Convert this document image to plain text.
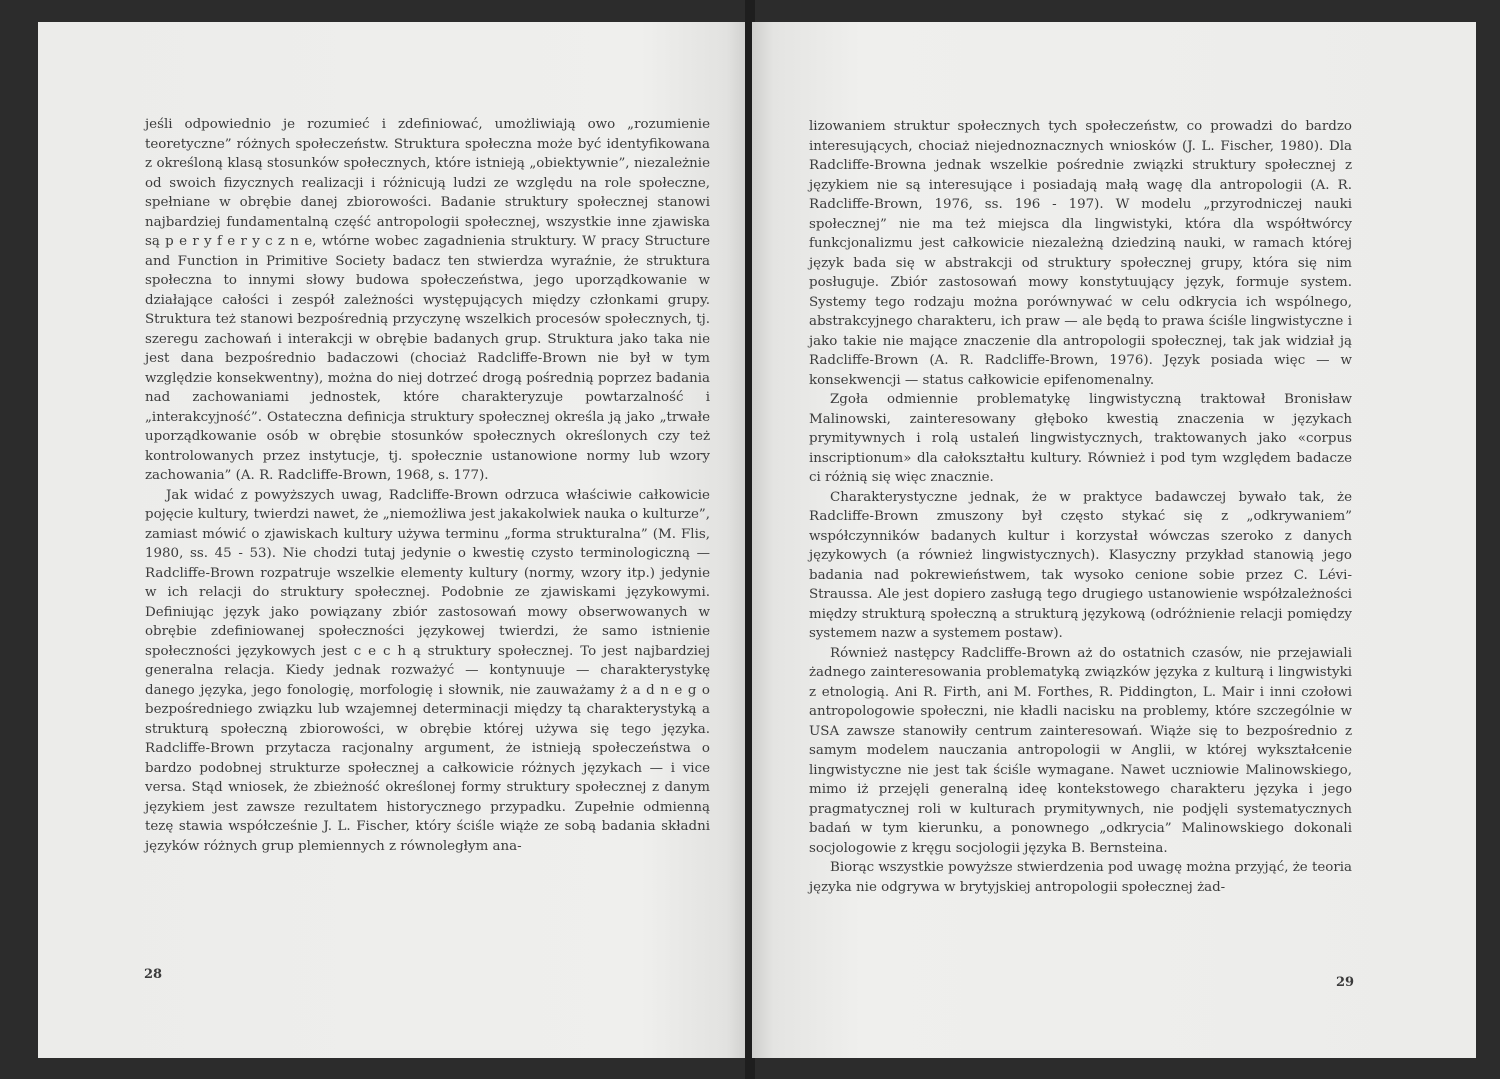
jeśli odpowiednio je rozumieć i zdefiniować, umożliwiają owo „rozumienie teoretyczne” różnych społeczeństw. Struktura społeczna może być identyfikowana z określoną klasą stosunków społecznych, które istnieją „obiektywnie”, niezależnie od swoich fizycznych realizacji i różnicują ludzi ze względu na role społeczne, spełniane w obrębie danej zbiorowości. Badanie struktury społecznej stanowi najbardziej fundamentalną część antropologii społecznej, wszystkie inne zjawiska są p e r y f e r y c z n e, wtórne wobec zagadnienia struktury. W pracy Structure and Function in Primitive Society badacz ten stwierdza wyraźnie, że struktura społeczna to innymi słowy budowa społeczeństwa, jego uporządkowanie w działające całości i zespół zależności występujących między członkami grupy. Struktura też stanowi bezpośrednią przyczynę wszelkich procesów społecznych, tj. szeregu zachowań i interakcji w obrębie badanych grup. Struktura jako taka nie jest dana bezpośrednio badaczowi (chociaż Radcliffe-Brown nie był w tym względzie konsekwentny), można do niej dotrzeć drogą pośrednią poprzez badania nad zachowaniami jednostek, które charakteryzuje powtarzalność i „interakcyjność”. Ostateczna definicja struktury społecznej określa ją jako „trwałe uporządkowanie osób w obrębie stosunków społecznych określonych czy też kontrolowanych przez instytucje, tj. społecznie ustanowione normy lub wzory zachowania” (A. R. Radcliffe-Brown, 1968, s. 177).

Jak widać z powyższych uwag, Radcliffe-Brown odrzuca właściwie całkowicie pojęcie kultury, twierdzi nawet, że „niemożliwa jest jakakolwiek nauka o kulturze”, zamiast mówić o zjawiskach kultury używa terminu „forma strukturalna” (M. Flis, 1980, ss. 45 - 53). Nie chodzi tutaj jedynie o kwestię czysto terminologiczną — Radcliffe-Brown rozpatruje wszelkie elementy kultury (normy, wzory itp.) jedynie w ich relacji do struktury społecznej. Podobnie ze zjawiskami językowymi. Definiując język jako powiązany zbiór zastosowań mowy obserwowanych w obrębie zdefiniowanej społeczności językowej twierdzi, że samo istnienie społeczności językowych jest c e c h ą struktury społecznej. To jest najbardziej generalna relacja. Kiedy jednak rozważyć — kontynuuje — charakterystykę danego języka, jego fonologię, morfologię i słownik, nie zauważamy ż a d n e g o bezpośredniego związku lub wzajemnej determinacji między tą charakterystyką a strukturą społeczną zbiorowości, w obrębie której używa się tego języka. Radcliffe-Brown przytacza racjonalny argument, że istnieją społeczeństwa o bardzo podobnej strukturze społecznej a całkowicie różnych językach — i vice versa. Stąd wniosek, że zbieżność określonej formy struktury społecznej z danym językiem jest zawsze rezultatem historycznego przypadku. Zupełnie odmienną tezę stawia współcześnie J. L. Fischer, który ściśle wiąże ze sobą badania składni języków różnych grup plemiennych z równoległym ana-

28

lizowaniem struktur społecznych tych społeczeństw, co prowadzi do bardzo interesujących, chociaż niejednoznacznych wniosków (J. L. Fischer, 1980). Dla Radcliffe-Browna jednak wszelkie pośrednie związki struktury społecznej z językiem nie są interesujące i posiadają małą wagę dla antropologii (A. R. Radcliffe-Brown, 1976, ss. 196 - 197). W modelu „przyrodniczej nauki społecznej” nie ma też miejsca dla lingwistyki, która dla współtwórcy funkcjonalizmu jest całkowicie niezależną dziedziną nauki, w ramach której język bada się w abstrakcji od struktury społecznej grupy, która się nim posługuje. Zbiór zastosowań mowy konstytuujący język, formuje system. Systemy tego rodzaju można porównywać w celu odkrycia ich wspólnego, abstrakcyjnego charakteru, ich praw — ale będą to prawa ściśle lingwistyczne i jako takie nie mające znaczenie dla antropologii społecznej, tak jak widział ją Radcliffe-Brown (A. R. Radcliffe-Brown, 1976). Język posiada więc — w konsekwencji — status całkowicie epifenomenalny.

Zgoła odmiennie problematykę lingwistyczną traktował Bronisław Malinowski, zainteresowany głęboko kwestią znaczenia w językach prymitywnych i rolą ustaleń lingwistycznych, traktowanych jako «corpus inscriptionum» dla całokształtu kultury. Również i pod tym względem badacze ci różnią się więc znacznie.

Charakterystyczne jednak, że w praktyce badawczej bywało tak, że Radcliffe-Brown zmuszony był często stykać się z „odkrywaniem” współczynników badanych kultur i korzystał wówczas szeroko z danych językowych (a również lingwistycznych). Klasyczny przykład stanowią jego badania nad pokrewieństwem, tak wysoko cenione sobie przez C. Lévi-Straussa. Ale jest dopiero zasługą tego drugiego ustanowienie współzależności między strukturą społeczną a strukturą językową (odróżnienie relacji pomiędzy systemem nazw a systemem postaw).

Również następcy Radcliffe-Brown aż do ostatnich czasów, nie przejawiali żadnego zainteresowania problematyką związków języka z kulturą i lingwistyki z etnologią. Ani R. Firth, ani M. Forthes, R. Piddington, L. Mair i inni czołowi antropologowie społeczni, nie kładli nacisku na problemy, które szczególnie w USA zawsze stanowiły centrum zainteresowań. Wiąże się to bezpośrednio z samym modelem nauczania antropologii w Anglii, w której wykształcenie lingwistyczne nie jest tak ściśle wymagane. Nawet uczniowie Malinowskiego, mimo iż przejęli generalną ideę kontekstowego charakteru języka i jego pragmatycznej roli w kulturach prymitywnych, nie podjęli systematycznych badań w tym kierunku, a ponownego „odkrycia” Malinowskiego dokonali socjologowie z kręgu socjologii języka B. Bernsteina.

Biorąc wszystkie powyższe stwierdzenia pod uwagę można przyjąć, że teoria języka nie odgrywa w brytyjskiej antropologii społecznej żad-

29
